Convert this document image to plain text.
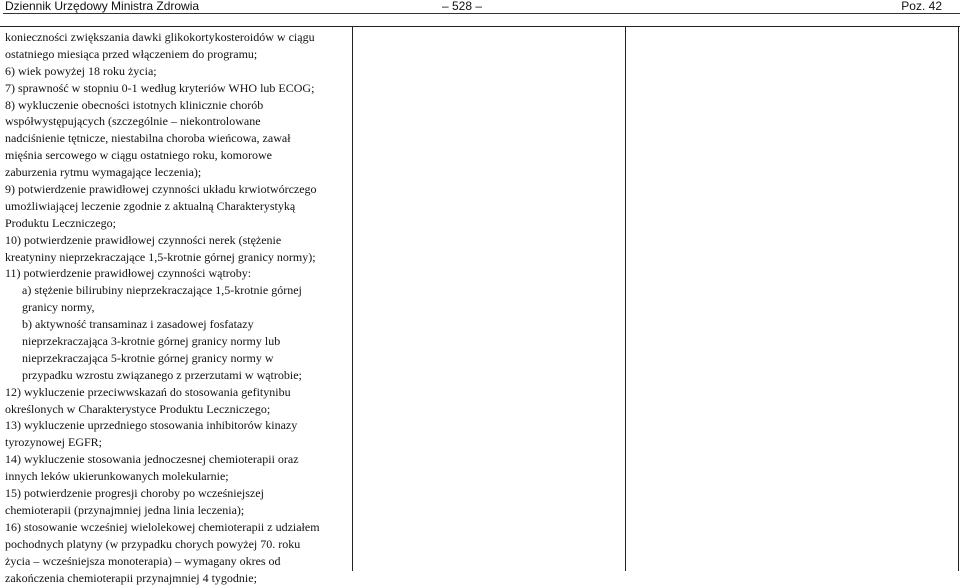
Dziennik Urzędowy Ministra Zdrowia	– 528 –	Poz. 42
konieczności zwiększania dawki glikokortykosteroidów w ciągu
ostatniego miesiąca przed włączeniem do programu;
6) wiek powyżej 18 roku życia;
7) sprawność w stopniu 0-1 według kryteriów WHO lub ECOG;
8) wykluczenie obecności istotnych klinicznie chorób
współwystępujących (szczególnie – niekontrolowane
nadciśnienie tętnicze, niestabilna choroba wieńcowa, zawał
mięśnia sercowego w ciągu ostatniego roku, komorowe
zaburzenia rytmu wymagające leczenia);
9) potwierdzenie prawidłowej czynności układu krwiotwórczego
umożliwiającej leczenie zgodnie z aktualną Charakterystyką
Produktu Leczniczego;
10) potwierdzenie prawidłowej czynności nerek (stężenie
kreatyniny nieprzekraczające 1,5-krotnie górnej granicy normy);
11) potwierdzenie prawidłowej czynności wątroby:
a) stężenie bilirubiny nieprzekraczające 1,5-krotnie górnej
granicy normy,
b) aktywność transaminaz i zasadowej fosfatazy
nieprzekraczająca 3-krotnie górnej granicy normy lub
nieprzekraczająca 5-krotnie górnej granicy normy w
przypadku wzrostu związanego z przerzutami w wątrobie;
12) wykluczenie przeciwwskazań do stosowania gefitynibu
określonych w Charakterystyce Produktu Leczniczego;
13) wykluczenie uprzedniego stosowania inhibitorów kinazy
tyrozynowej EGFR;
14) wykluczenie stosowania jednoczesnej chemioterapii oraz
innych leków ukierunkowanych molekularnie;
15) potwierdzenie progresji choroby po wcześniejszej
chemioterapii (przynajmniej jedna linia leczenia);
16) stosowanie wcześniej wielolekowej chemioterapii z udziałem
pochodnych platyny (w przypadku chorych powyżej 70. roku
życia – wcześniejsza monoterapia) – wymagany okres od
zakończenia chemioterapii przynajmniej 4 tygodnie;
